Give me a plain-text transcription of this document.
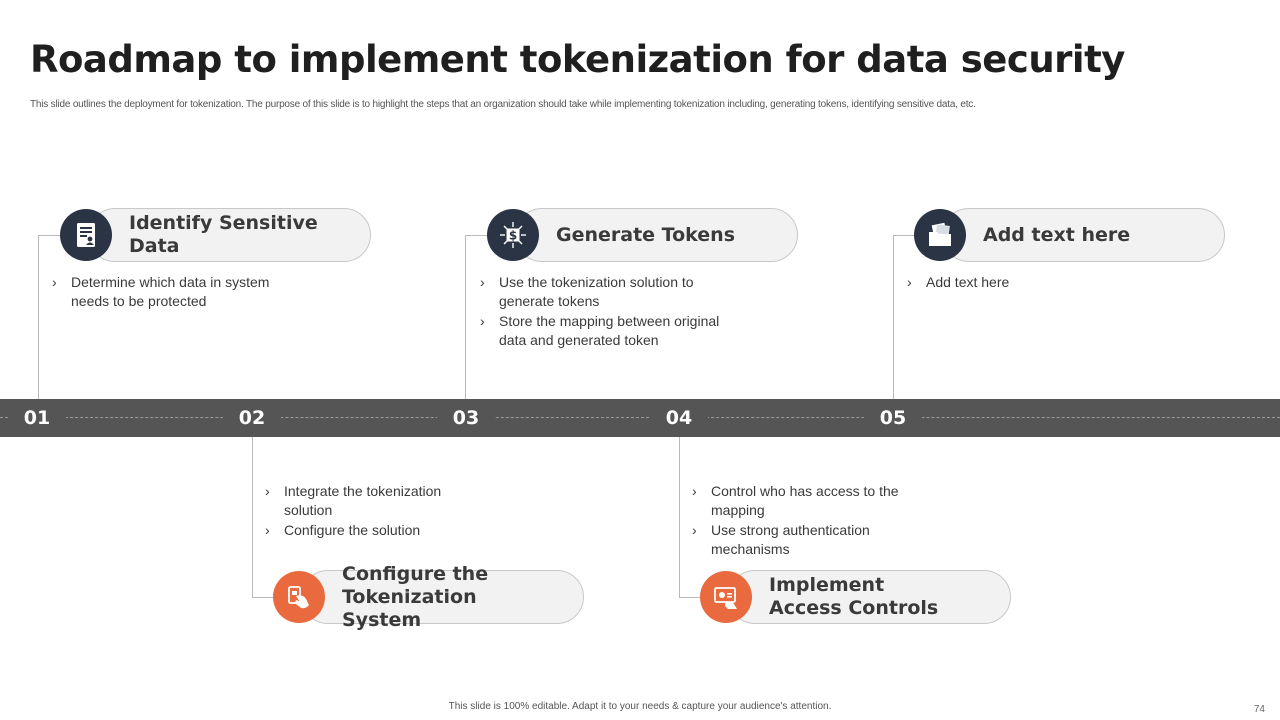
Roadmap to implement tokenization for data security
This slide outlines the deployment for tokenization. The purpose of this slide is to highlight the steps that an organization should take while implementing tokenization including, generating tokens, identifying sensitive data, etc.
01	02	03	04	05
Identify Sensitive Data
› Determine which data in system needs to be protected
Generate Tokens
$
› Use the tokenization solution to generate tokens
› Store the mapping between original data and generated token
Add text here
› Add text here
› Integrate the tokenization solution
› Configure the solution
Configure the Tokenization System
› Control who has access to the mapping
› Use strong authentication mechanisms
Implement Access Controls
This slide is 100% editable. Adapt it to your needs & capture your audience's attention.	74
